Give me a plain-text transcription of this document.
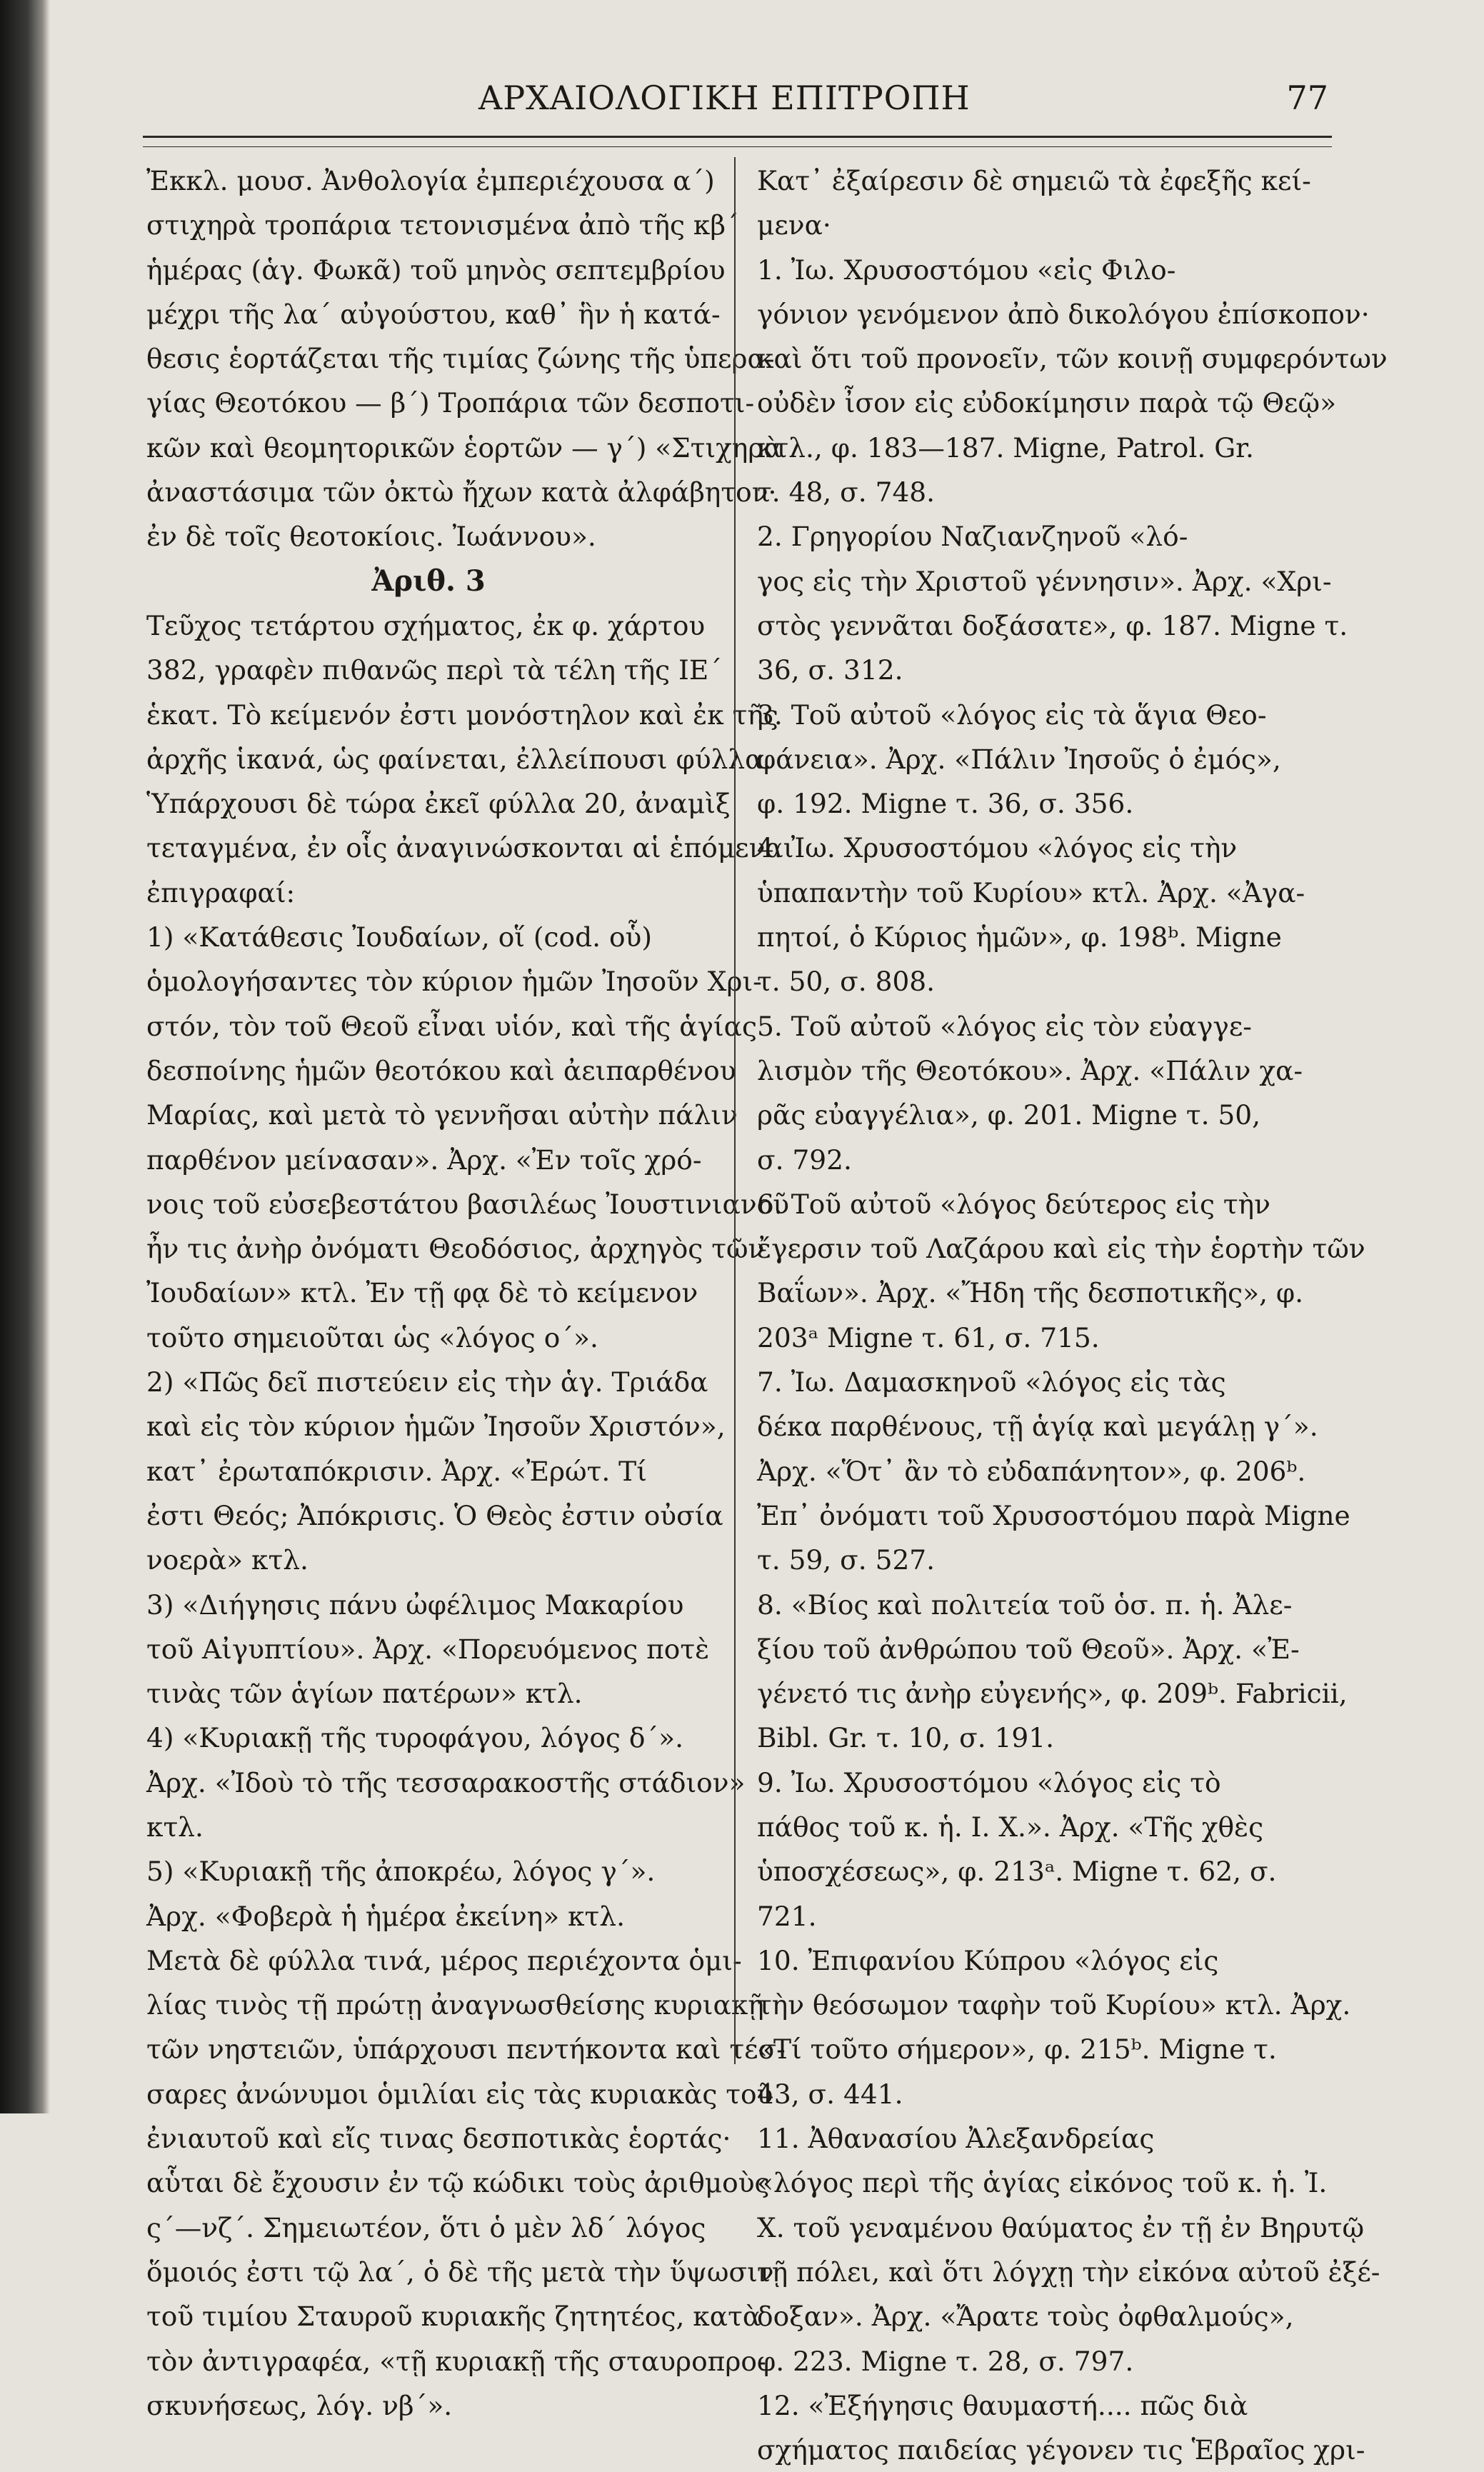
ΑΡΧΑΙΟΛΟΓΙΚΗ ΕΠΙΤΡΟΠΗ	77
Ἐκκλ. μουσ. Ἀνθολογία ἐμπεριέχουσα α΄)
στιχηρὰ τροπάρια τετονισμένα ἀπὸ τῆς κβ΄
ἡμέρας (ἁγ. Φωκᾶ) τοῦ μηνὸς σεπτεμβρίου
μέχρι τῆς λα΄ αὐγούστου, καθ᾽ ἣν ἡ κατά-
θεσις ἑορτάζεται τῆς τιμίας ζώνης τῆς ὑπερα-
γίας Θεοτόκου — β΄) Τροπάρια τῶν δεσποτι-
κῶν καὶ θεομητορικῶν ἑορτῶν — γ΄) «Στιχηρὰ
ἀναστάσιμα τῶν ὀκτὼ ἤχων κατὰ ἀλφάβητον·
ἐν δὲ τοῖς θεοτοκίοις. Ἰωάννου».
Ἀριθ. 3
Τεῦχος τετάρτου σχήματος, ἐκ φ. χάρτου
382, γραφὲν πιθανῶς περὶ τὰ τέλη τῆς ΙΕ΄
ἑκατ. Τὸ κείμενόν ἐστι μονόστηλον καὶ ἐκ τῆς
ἀρχῆς ἱκανά, ὡς φαίνεται, ἐλλείπουσι φύλλα.
Ὑπάρχουσι δὲ τώρα ἐκεῖ φύλλα 20, ἀναμὶξ
τεταγμένα, ἐν οἷς ἀναγινώσκονται αἱ ἑπόμεναι
ἐπιγραφαί:
1) «Κατάθεσις Ἰουδαίων, οἵ (cod. οὗ)
ὁμολογήσαντες τὸν κύριον ἡμῶν Ἰησοῦν Χρι-
στόν, τὸν τοῦ Θεοῦ εἶναι υἱόν, καὶ τῆς ἁγίας
δεσποίνης ἡμῶν θεοτόκου καὶ ἀειπαρθένου
Μαρίας, καὶ μετὰ τὸ γεννῆσαι αὐτὴν πάλιν
παρθένον μείνασαν». Ἀρχ. «Ἐν τοῖς χρό-
νοις τοῦ εὐσεβεστάτου βασιλέως Ἰουστινιανοῦ
ἦν τις ἀνὴρ ὀνόματι Θεοδόσιος, ἀρχηγὸς τῶν
Ἰουδαίων» κτλ. Ἐν τῇ φᾳ δὲ τὸ κείμενον
τοῦτο σημειοῦται ὡς «λόγος ο΄».
2) «Πῶς δεῖ πιστεύειν εἰς τὴν ἁγ. Τριάδα
καὶ εἰς τὸν κύριον ἡμῶν Ἰησοῦν Χριστόν»,
κατ᾽ ἐρωταπόκρισιν. Ἀρχ. «Ἐρώτ. Τί
ἐστι Θεός; Ἀπόκρισις. Ὁ Θεὸς ἐστιν οὐσία
νοερὰ» κτλ.
3) «Διήγησις πάνυ ὠφέλιμος Μακαρίου
τοῦ Αἰγυπτίου». Ἀρχ. «Πορευόμενος ποτὲ
τινὰς τῶν ἁγίων πατέρων» κτλ.
4) «Κυριακῇ τῆς τυροφάγου, λόγος δ΄».
Ἀρχ. «Ἰδοὺ τὸ τῆς τεσσαρακοστῆς στάδιον»
κτλ.
5) «Κυριακῇ τῆς ἀποκρέω, λόγος γ΄».
Ἀρχ. «Φοβερὰ ἡ ἡμέρα ἐκείνη» κτλ.
Μετὰ δὲ φύλλα τινά, μέρος περιέχοντα ὁμι-
λίας τινὸς τῇ πρώτῃ ἀναγνωσθείσης κυριακῇ
τῶν νηστειῶν, ὑπάρχουσι πεντήκοντα καὶ τέσ-
σαρες ἀνώνυμοι ὁμιλίαι εἰς τὰς κυριακὰς τοῦ
ἐνιαυτοῦ καὶ εἴς τινας δεσποτικὰς ἑορτάς·
αὗται δὲ ἔχουσιν ἐν τῷ κώδικι τοὺς ἀριθμοὺς
ς΄—νζ΄. Σημειωτέον, ὅτι ὁ μὲν λδ΄ λόγος
ὅμοιός ἐστι τῷ λα΄, ὁ δὲ τῆς μετὰ τὴν ὕψωσιν
τοῦ τιμίου Σταυροῦ κυριακῆς ζητητέος, κατὰ
τὸν ἀντιγραφέα, «τῇ κυριακῇ τῆς σταυροπρο-
σκυνήσεως, λόγ. νβ΄».
Κατ᾽ ἐξαίρεσιν δὲ σημειῶ τὰ ἐφεξῆς κεί-
μενα·
1. Ἰω. Χρυσοστόμου «εἰς Φιλο-
γόνιον γενόμενον ἀπὸ δικολόγου ἐπίσκοπον·
καὶ ὅτι τοῦ προνοεῖν, τῶν κοινῇ συμφερόντων
οὐδὲν ἶσον εἰς εὐδοκίμησιν παρὰ τῷ Θεῷ»
κτλ., φ. 183—187. Migne, Patrol. Gr.
τ. 48, σ. 748.
2. Γρηγορίου Ναζιανζηνοῦ «λό-
γος εἰς τὴν Χριστοῦ γέννησιν». Ἀρχ. «Χρι-
στὸς γεννᾶται δοξάσατε», φ. 187. Migne τ.
36, σ. 312.
3. Τοῦ αὐτοῦ «λόγος εἰς τὰ ἅγια Θεο-
φάνεια». Ἀρχ. «Πάλιν Ἰησοῦς ὁ ἐμός»,
φ. 192. Migne τ. 36, σ. 356.
4. Ἰω. Χρυσοστόμου «λόγος εἰς τὴν
ὑπαπαντὴν τοῦ Κυρίου» κτλ. Ἀρχ. «Ἀγα-
πητοί, ὁ Κύριος ἡμῶν», φ. 198ᵇ. Migne
τ. 50, σ. 808.
5. Τοῦ αὐτοῦ «λόγος εἰς τὸν εὐαγγε-
λισμὸν τῆς Θεοτόκου». Ἀρχ. «Πάλιν χα-
ρᾶς εὐαγγέλια», φ. 201. Migne τ. 50,
σ. 792.
6. Τοῦ αὐτοῦ «λόγος δεύτερος εἰς τὴν
ἔγερσιν τοῦ Λαζάρου καὶ εἰς τὴν ἑορτὴν τῶν
Βαΐων». Ἀρχ. «Ἤδη τῆς δεσποτικῆς», φ.
203ᵃ Migne τ. 61, σ. 715.
7. Ἰω. Δαμασκηνοῦ «λόγος εἰς τὰς
δέκα παρθένους, τῇ ἁγίᾳ καὶ μεγάλῃ γ΄».
Ἀρχ. «Ὅτ᾽ ἂν τὸ εὐδαπάνητον», φ. 206ᵇ.
Ἐπ᾽ ὀνόματι τοῦ Χρυσοστόμου παρὰ Migne
τ. 59, σ. 527.
8. «Βίος καὶ πολιτεία τοῦ ὁσ. π. ἡ. Ἀλε-
ξίου τοῦ ἀνθρώπου τοῦ Θεοῦ». Ἀρχ. «Ἐ-
γένετό τις ἀνὴρ εὐγενής», φ. 209ᵇ. Fabricii,
Bibl. Gr. τ. 10, σ. 191.
9. Ἰω. Χρυσοστόμου «λόγος εἰς τὸ
πάθος τοῦ κ. ἡ. Ι. Χ.». Ἀρχ. «Τῆς χθὲς
ὑποσχέσεως», φ. 213ᵃ. Migne τ. 62, σ.
721.
10. Ἐπιφανίου Κύπρου «λόγος εἰς
τὴν θεόσωμον ταφὴν τοῦ Κυρίου» κτλ. Ἀρχ.
«Τί τοῦτο σήμερον», φ. 215ᵇ. Migne τ.
43, σ. 441.
11. Ἀθανασίου Ἀλεξανδρείας
«λόγος περὶ τῆς ἁγίας εἰκόνος τοῦ κ. ἡ. Ἰ.
Χ. τοῦ γεναμένου θαύματος ἐν τῇ ἐν Βηρυτῷ
τῇ πόλει, καὶ ὅτι λόγχῃ τὴν εἰκόνα αὐτοῦ ἐξέ-
δοξαν». Ἀρχ. «Ἄρατε τοὺς ὀφθαλμούς»,
φ. 223. Migne τ. 28, σ. 797.
12. «Ἐξήγησις θαυμαστή.... πῶς διὰ
σχήματος παιδείας γέγονεν τις Ἑβραῖος χρι-
